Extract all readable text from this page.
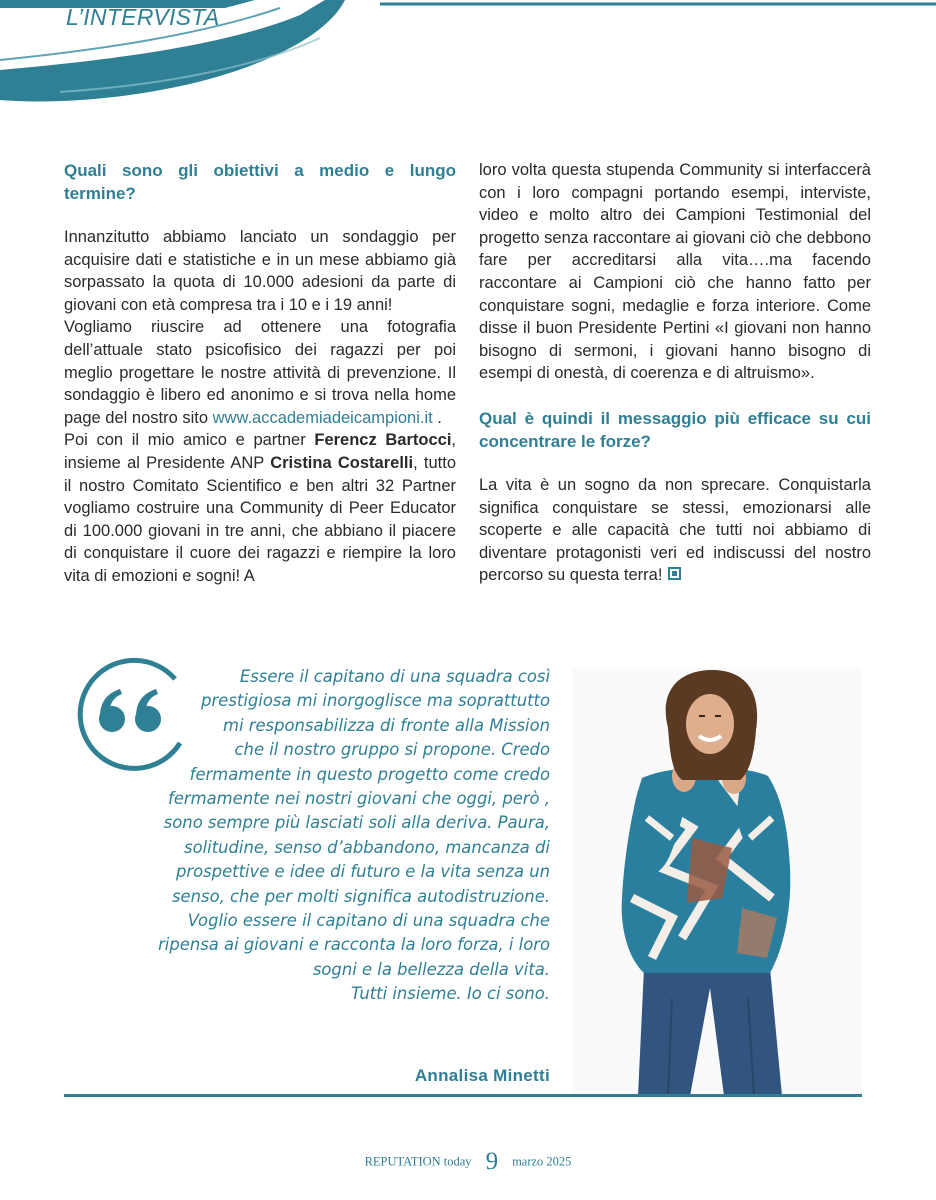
L’INTERVISTA

Quali sono gli obiettivi a medio e lungo termine?

Innanzitutto abbiamo lanciato un sondaggio per acquisire dati e statistiche e in un mese abbiamo già sorpassato la quota di 10.000 adesioni da parte di giovani con età compresa tra i 10 e i 19 anni!

Vogliamo riuscire ad ottenere una fotografia dell’attuale stato psicofisico dei ragazzi per poi meglio progettare le nostre attività di prevenzione. Il sondaggio è libero ed anonimo e si trova nella home page del nostro sito www.accademiadeicampioni.it .

Poi con il mio amico e partner Ferencz Bartocci, insieme al Presidente ANP Cristina Costarelli, tutto il nostro Comitato Scientifico e ben altri 32 Partner vogliamo costruire una Community di Peer Educator di 100.000 giovani in tre anni, che abbiano il piacere di conquistare il cuore dei ragazzi e riempire la loro vita di emozioni e sogni! A

loro volta questa stupenda Community si interfaccerà con i loro compagni portando esempi, interviste, video e molto altro dei Campioni Testimonial del progetto senza raccontare ai giovani ciò che debbono fare per accreditarsi alla vita….ma facendo raccontare ai Campioni ciò che hanno fatto per conquistare sogni, medaglie e forza interiore. Come disse il buon Presidente Pertini «I giovani non hanno bisogno di sermoni, i giovani hanno bisogno di esempi di onestà, di coerenza e di altruismo».

Qual è quindi il messaggio più efficace su cui concentrare le forze?

La vita è un sogno da non sprecare. Conquistarla significa conquistare se stessi, emozionarsi alle scoperte e alle capacità che tutti noi abbiamo di diventare protagonisti veri ed indiscussi del nostro percorso su questa terra!

Essere il capitano di una squadra così
prestigiosa mi inorgoglisce ma soprattutto
mi responsabilizza di fronte alla Mission
che il nostro gruppo si propone. Credo
fermamente in questo progetto come credo
fermamente nei nostri giovani che oggi, però ,
sono sempre più lasciati soli alla deriva. Paura,
solitudine, senso d’abbandono, mancanza di
prospettive e idee di futuro e la vita senza un
senso, che per molti significa autodistruzione.
Voglio essere il capitano di una squadra che
ripensa ai giovani e racconta la loro forza, i loro
sogni e la bellezza della vita.
Tutti insieme. Io ci sono.
Annalisa Minetti
REPUTATION today 9 marzo 2025
